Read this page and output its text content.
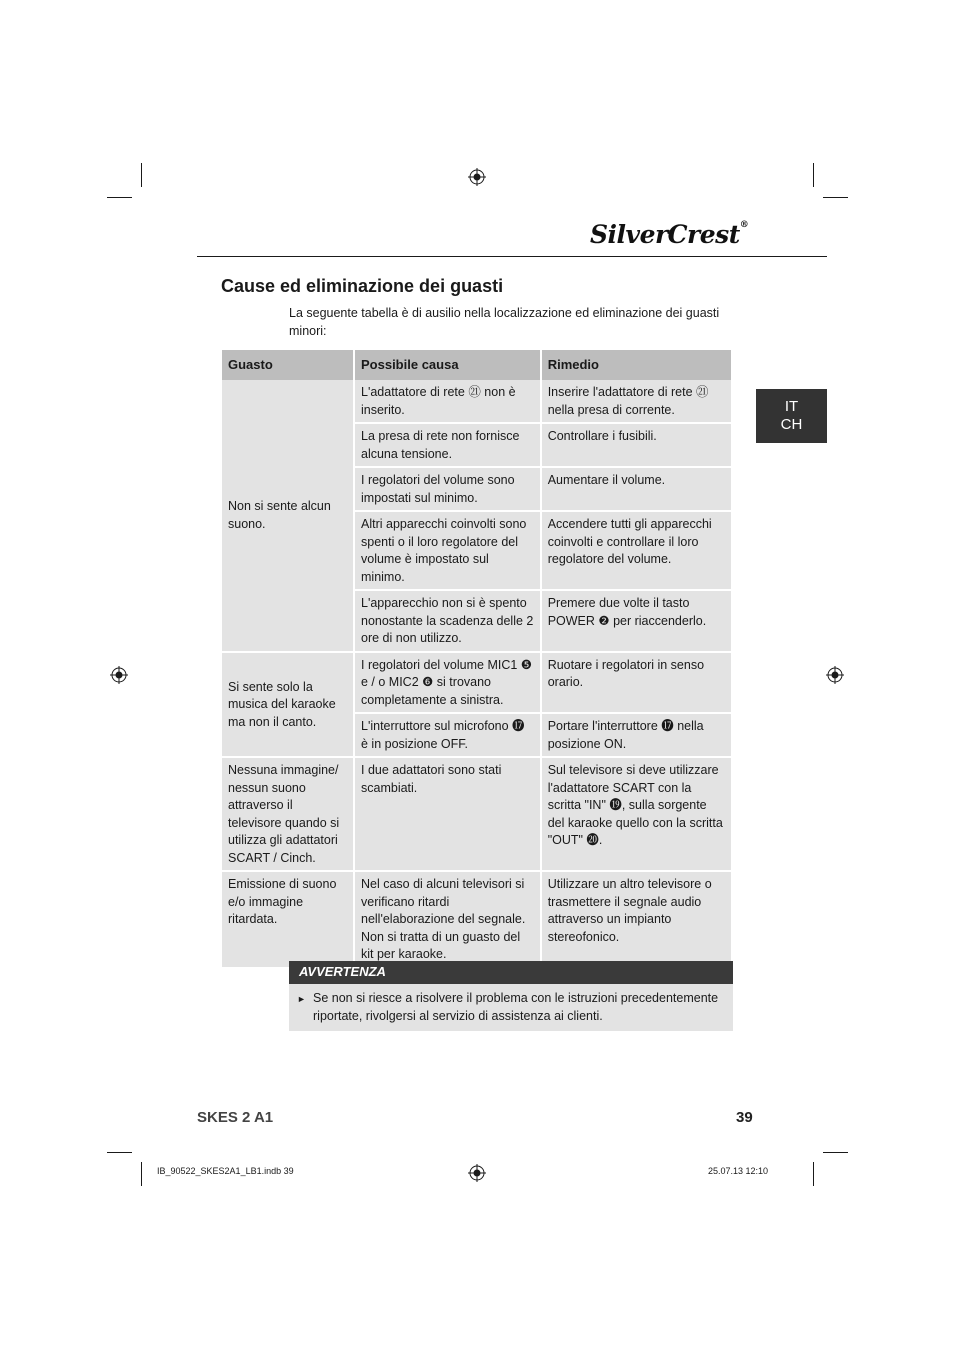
SilverCrest®
Cause ed eliminazione dei guasti

La seguente tabella è di ausilio nella localizzazione ed eliminazione dei guasti minori:

IT
CH
Guasto	Possibile causa	Rimedio
Non si sente alcun suono.	L'adattatore di rete ㉑ non è inserito.	Inserire l'adattatore di rete ㉑ nella presa di corrente.
	La presa di rete non fornisce alcuna tensione.	Controllare i fusibili.
	I regolatori del volume sono impostati sul minimo.	Aumentare il volume.
	Altri apparecchi coinvolti sono spenti o il loro regolatore del volume è impostato sul minimo.	Accendere tutti gli apparecchi coinvolti e controllare il loro regolatore del volume.
	L'apparecchio non si è spento nonostante la scadenza delle 2 ore di non utilizzo.	Premere due volte il tasto POWER ❷ per riaccenderlo.
Si sente solo la musica del karaoke ma non il canto.	I regolatori del volume MIC1 ❺ e / o MIC2 ❻ si trovano completamente a sinistra.	Ruotare i regolatori in senso orario.
	L'interruttore sul microfono ⓱ è in posizione OFF.	Portare l'interruttore ⓱ nella posizione ON.
Nessuna immagine/ nessun suono attraverso il televisore quando si utilizza gli adattatori SCART / Cinch.	I due adattatori sono stati scambiati.	Sul televisore si deve utilizzare l'adattatore SCART con la scritta "IN" ⓳, sulla sorgente del karaoke quello con la scritta "OUT" ⓴.
Emissione di suono e/o immagine ritardata.	Nel caso di alcuni televisori si verificano ritardi nell'elaborazione del segnale. Non si tratta di un guasto del kit per karaoke.	Utilizzare un altro televisore o trasmettere il segnale audio attraverso un impianto stereofonico.
AVVERTENZA
► Se non si riesce a risolvere il problema con le istruzioni precedentemente riportate, rivolgersi al servizio di assistenza ai clienti.
SKES 2 A1	39
IB_90522_SKES2A1_LB1.indb 39	25.07.13 12:10
